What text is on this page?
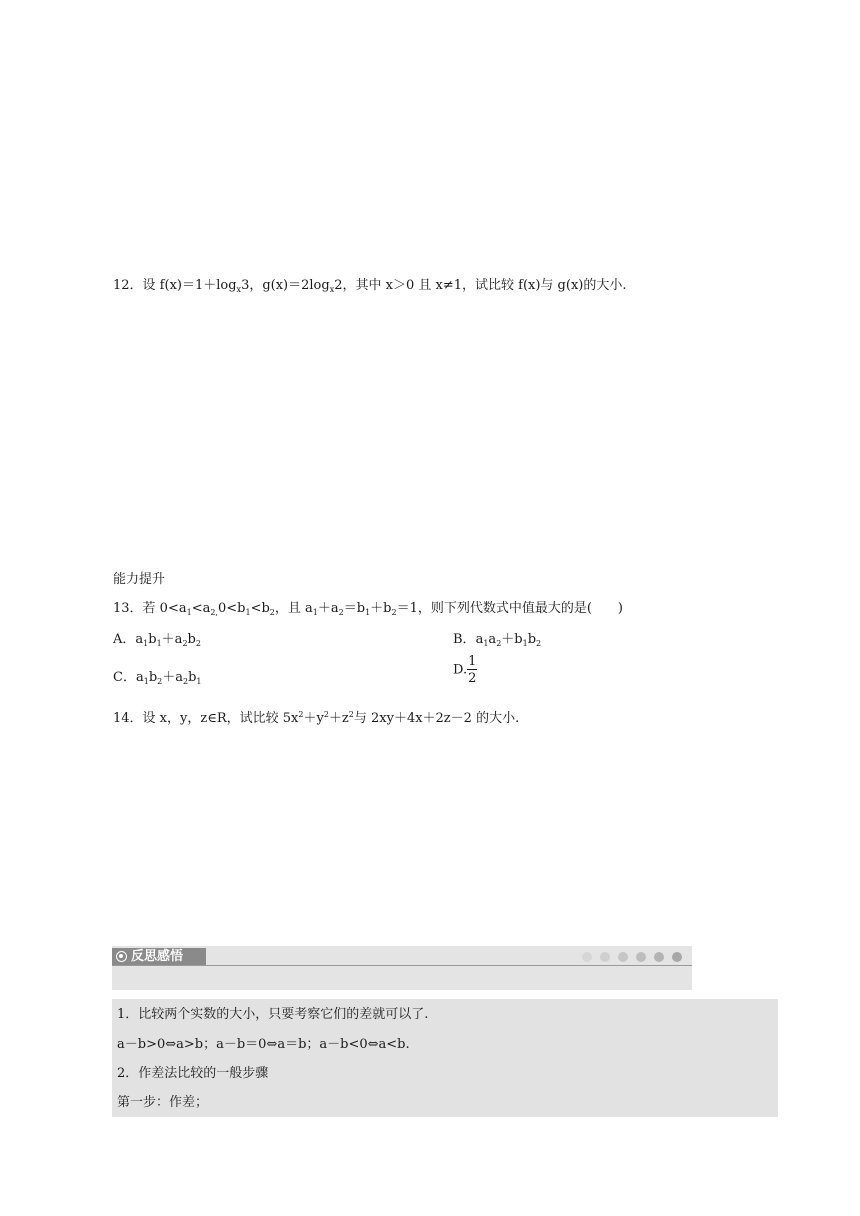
12．设 $f(x)=1+\log_x3$，$g(x)=2\log_x2$，其中 x＞0 且 x≠1，试比较 f(x)与 g(x)的大小.
能力提升
13．若 $0<a_1<a_{2,}0<b_1<b_2$，且 $a_1+a_2=b_1+b_2=1$，则下列代数式中值最大的是(　　)
A．$a_1b_1+a_2b_2$	B．$a_1a_2+b_1b_2$
C．$a_1b_2+a_2b_1$
D. $\frac{1}{2}$
14．设 x，y，z∈R，试比较 $5x^2+y^2+z^2$与 2xy＋4x＋2z－2 的大小.
反思感悟
1．比较两个实数的大小，只要考察它们的差就可以了.
a－b>0⇔a>b；a－b＝0⇔a＝b；a－b<0⇔a<b.
2．作差法比较的一般步骤
第一步：作差；
